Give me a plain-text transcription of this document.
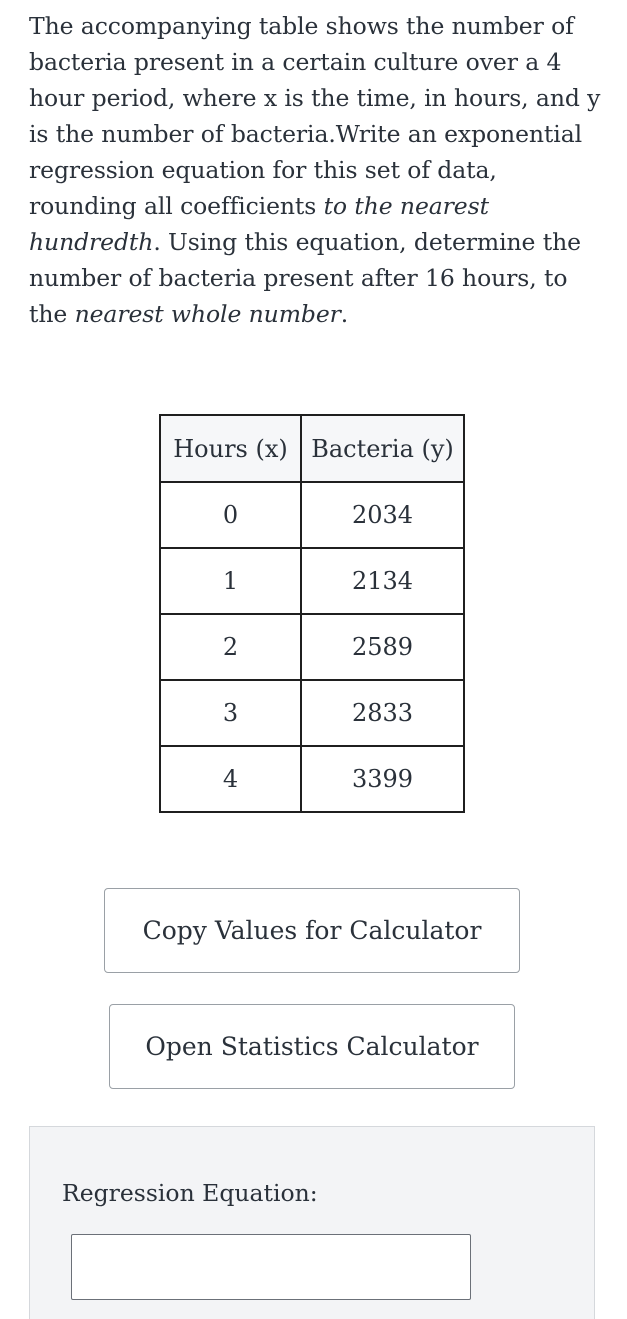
The accompanying table shows the number of bacteria present in a certain culture over a 4 hour period, where x is the time, in hours, and y is the number of bacteria.Write an exponential regression equation for this set of data, rounding all coefficients to the nearest hundredth. Using this equation, determine the number of bacteria present after 16 hours, to the nearest whole number.
Hours (x)	Bacteria (y)
0	2034
1	2134
2	2589
3	2833
4	3399
Copy Values for Calculator
Open Statistics Calculator
Regression Equation:
